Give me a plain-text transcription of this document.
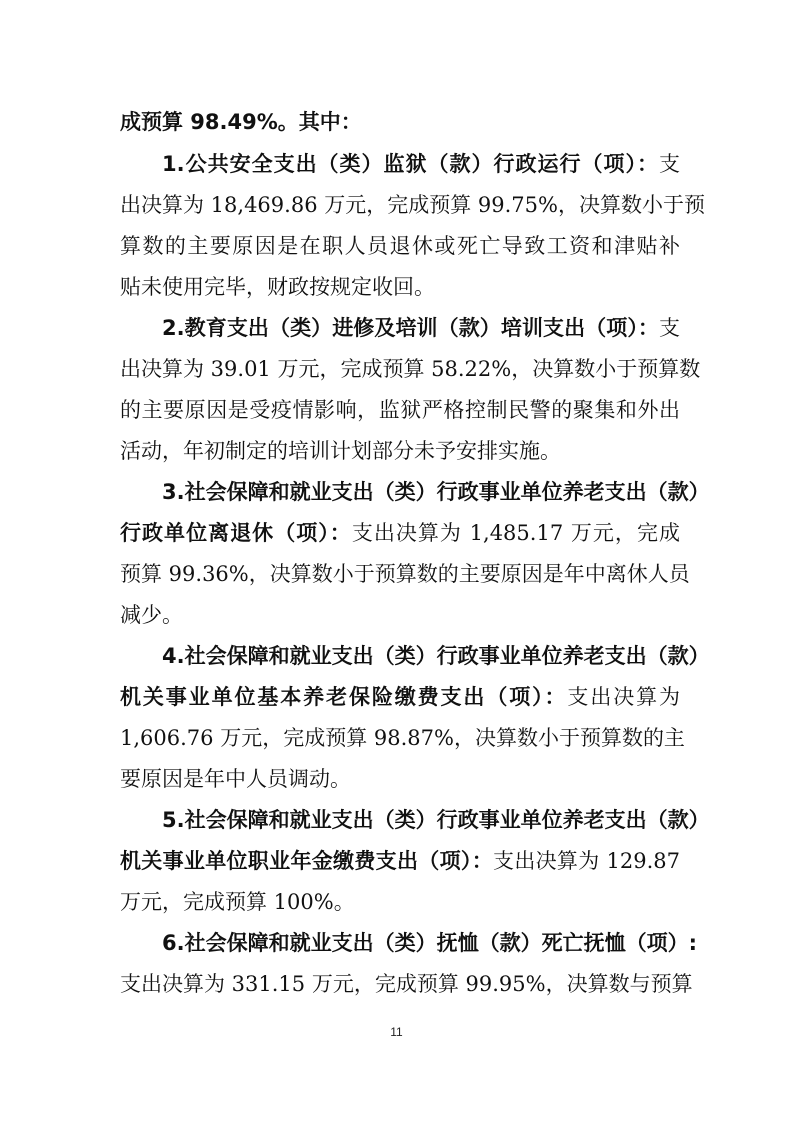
成预算 98.49%。其中：
1.公共安全支出（类）监狱（款）行政运行（项）：支
出决算为 18,469.86 万元，完成预算 99.75%，决算数小于预
算数的主要原因是在职人员退休或死亡导致工资和津贴补
贴未使用完毕，财政按规定收回。
2.教育支出（类）进修及培训（款）培训支出（项）：支
出决算为 39.01 万元，完成预算 58.22%，决算数小于预算数
的主要原因是受疫情影响，监狱严格控制民警的聚集和外出
活动，年初制定的培训计划部分未予安排实施。
3.社会保障和就业支出（类）行政事业单位养老支出（款）
行政单位离退休（项）：支出决算为 1,485.17 万元，完成
预算 99.36%，决算数小于预算数的主要原因是年中离休人员
减少。
4.社会保障和就业支出（类）行政事业单位养老支出（款）
机关事业单位基本养老保险缴费支出（项）：支出决算为
1,606.76 万元，完成预算 98.87%，决算数小于预算数的主
要原因是年中人员调动。
5.社会保障和就业支出（类）行政事业单位养老支出（款）
机关事业单位职业年金缴费支出（项）：支出决算为 129.87
万元，完成预算 100%。
6.社会保障和就业支出（类）抚恤（款）死亡抚恤（项）:
支出决算为 331.15 万元，完成预算 99.95%，决算数与预算
11
